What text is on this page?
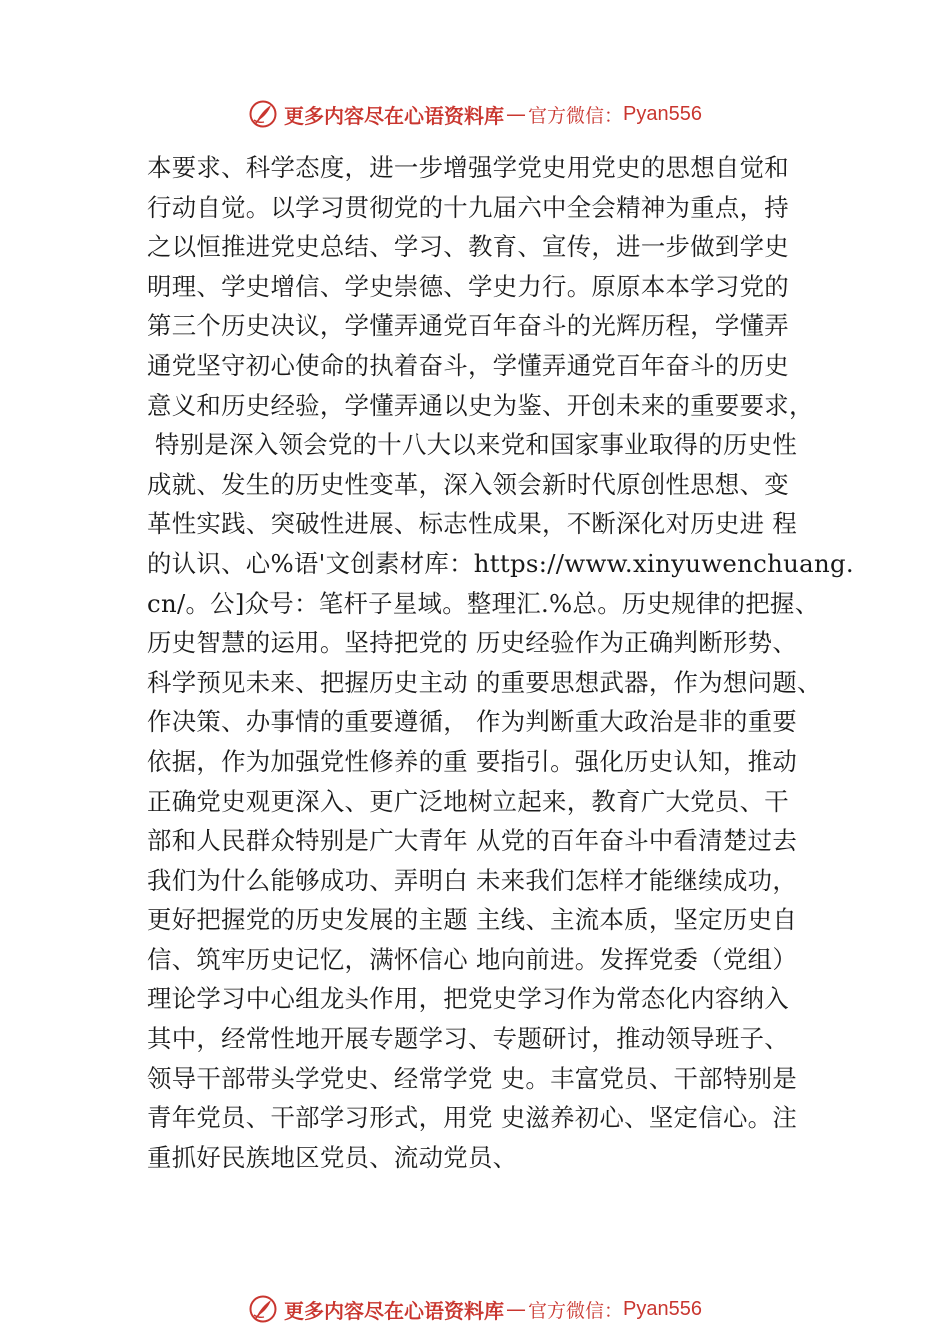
更多内容尽在心语资料库 — 官方微信： Pyan556
本要求、科学态度，进一步增强学党史用党史的思想自觉和
行动自觉。以学习贯彻党的十九届六中全会精神为重点，持
之以恒推进党史总结、学习、教育、宣传，进一步做到学史
明理、学史增信、学史崇德、学史力行。原原本本学习党的
第三个历史决议，学懂弄通党百年奋斗的光辉历程，学懂弄
通党坚守初心使命的执着奋斗，学懂弄通党百年奋斗的历史
意义和历史经验，学懂弄通以史为鉴、开创未来的重要要求，
特别是深入领会党的十八大以来党和国家事业取得的历史性
成就、发生的历史性变革，深入领会新时代原创性思想、变
革性实践、突破性进展、标志性成果，不断深化对历史进 程
的认识、心%语'文创素材库：https://www.xinyuwenchuang.
cn/。公]众号：笔杆子星域。整理汇.%总。历史规律的把握、
历史智慧的运用。坚持把党的 历史经验作为正确判断形势、
科学预见未来、把握历史主动 的重要思想武器，作为想问题、
作决策、办事情的重要遵循， 作为判断重大政治是非的重要
依据，作为加强党性修养的重 要指引。强化历史认知，推动
正确党史观更深入、更广泛地树立起来，教育广大党员、干
部和人民群众特别是广大青年 从党的百年奋斗中看清楚过去
我们为什么能够成功、弄明白 未来我们怎样才能继续成功，
更好把握党的历史发展的主题 主线、主流本质，坚定历史自
信、筑牢历史记忆，满怀信心 地向前进。发挥党委（党组）
理论学习中心组龙头作用，把党史学习作为常态化内容纳入
其中，经常性地开展专题学习、专题研讨，推动领导班子、
领导干部带头学党史、经常学党 史。丰富党员、干部特别是
青年党员、干部学习形式，用党 史滋养初心、坚定信心。注
重抓好民族地区党员、流动党员、
更多内容尽在心语资料库 — 官方微信： Pyan556
